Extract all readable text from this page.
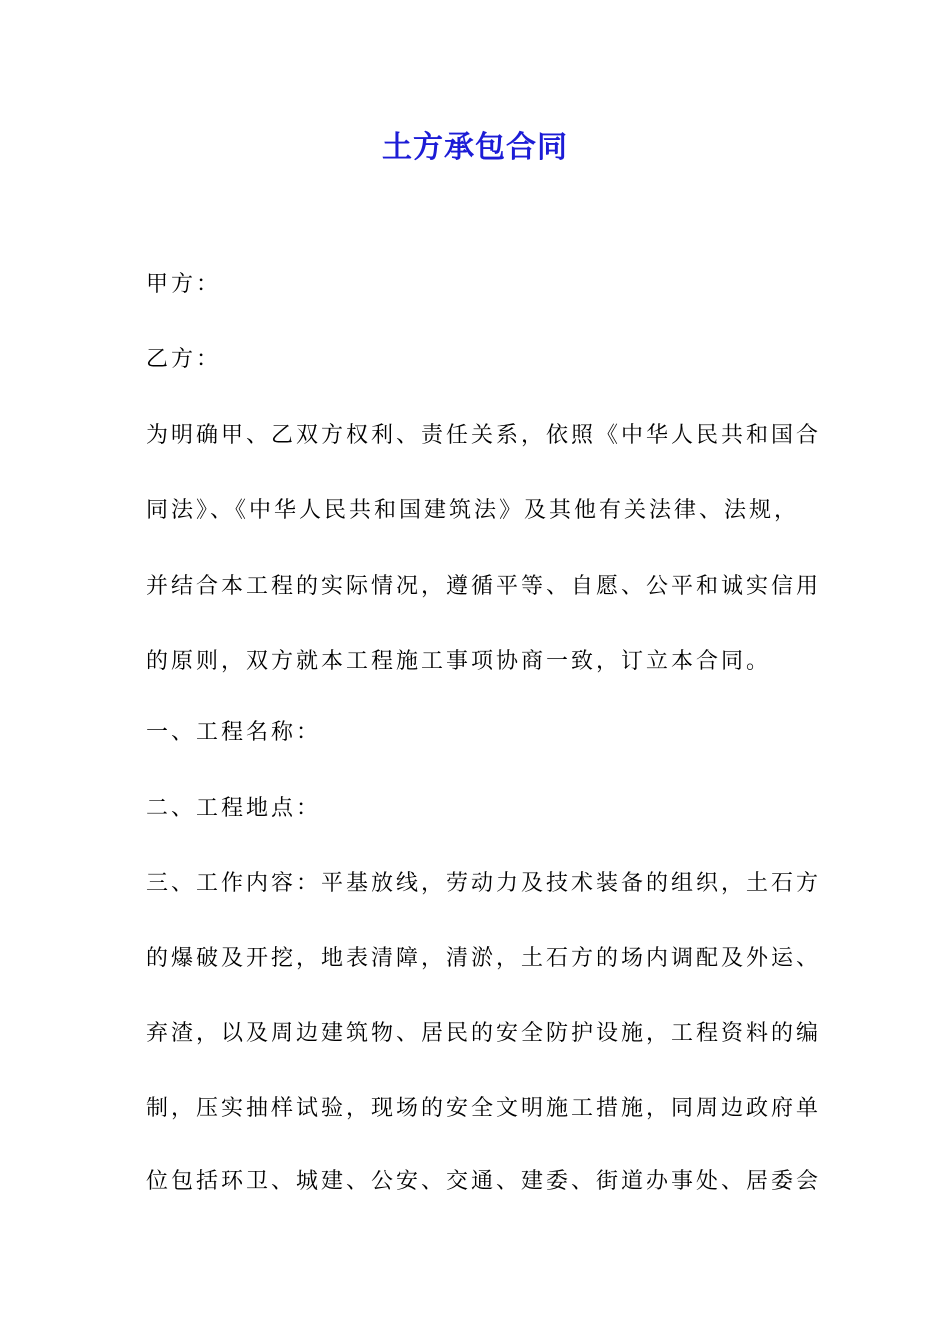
土方承包合同
甲方：
乙方：
为明确甲、乙双方权利、责任关系，依照《中华人民共和国合
同法》、《中华人民共和国建筑法》及其他有关法律、法规，
并结合本工程的实际情况，遵循平等、自愿、公平和诚实信用
的原则，双方就本工程施工事项协商一致，订立本合同。
一、工程名称：
二、工程地点：
三、工作内容：平基放线，劳动力及技术装备的组织，土石方
的爆破及开挖，地表清障，清淤，土石方的场内调配及外运、
弃渣，以及周边建筑物、居民的安全防护设施，工程资料的编
制，压实抽样试验，现场的安全文明施工措施，同周边政府单
位包括环卫、城建、公安、交通、建委、街道办事处、居委会
